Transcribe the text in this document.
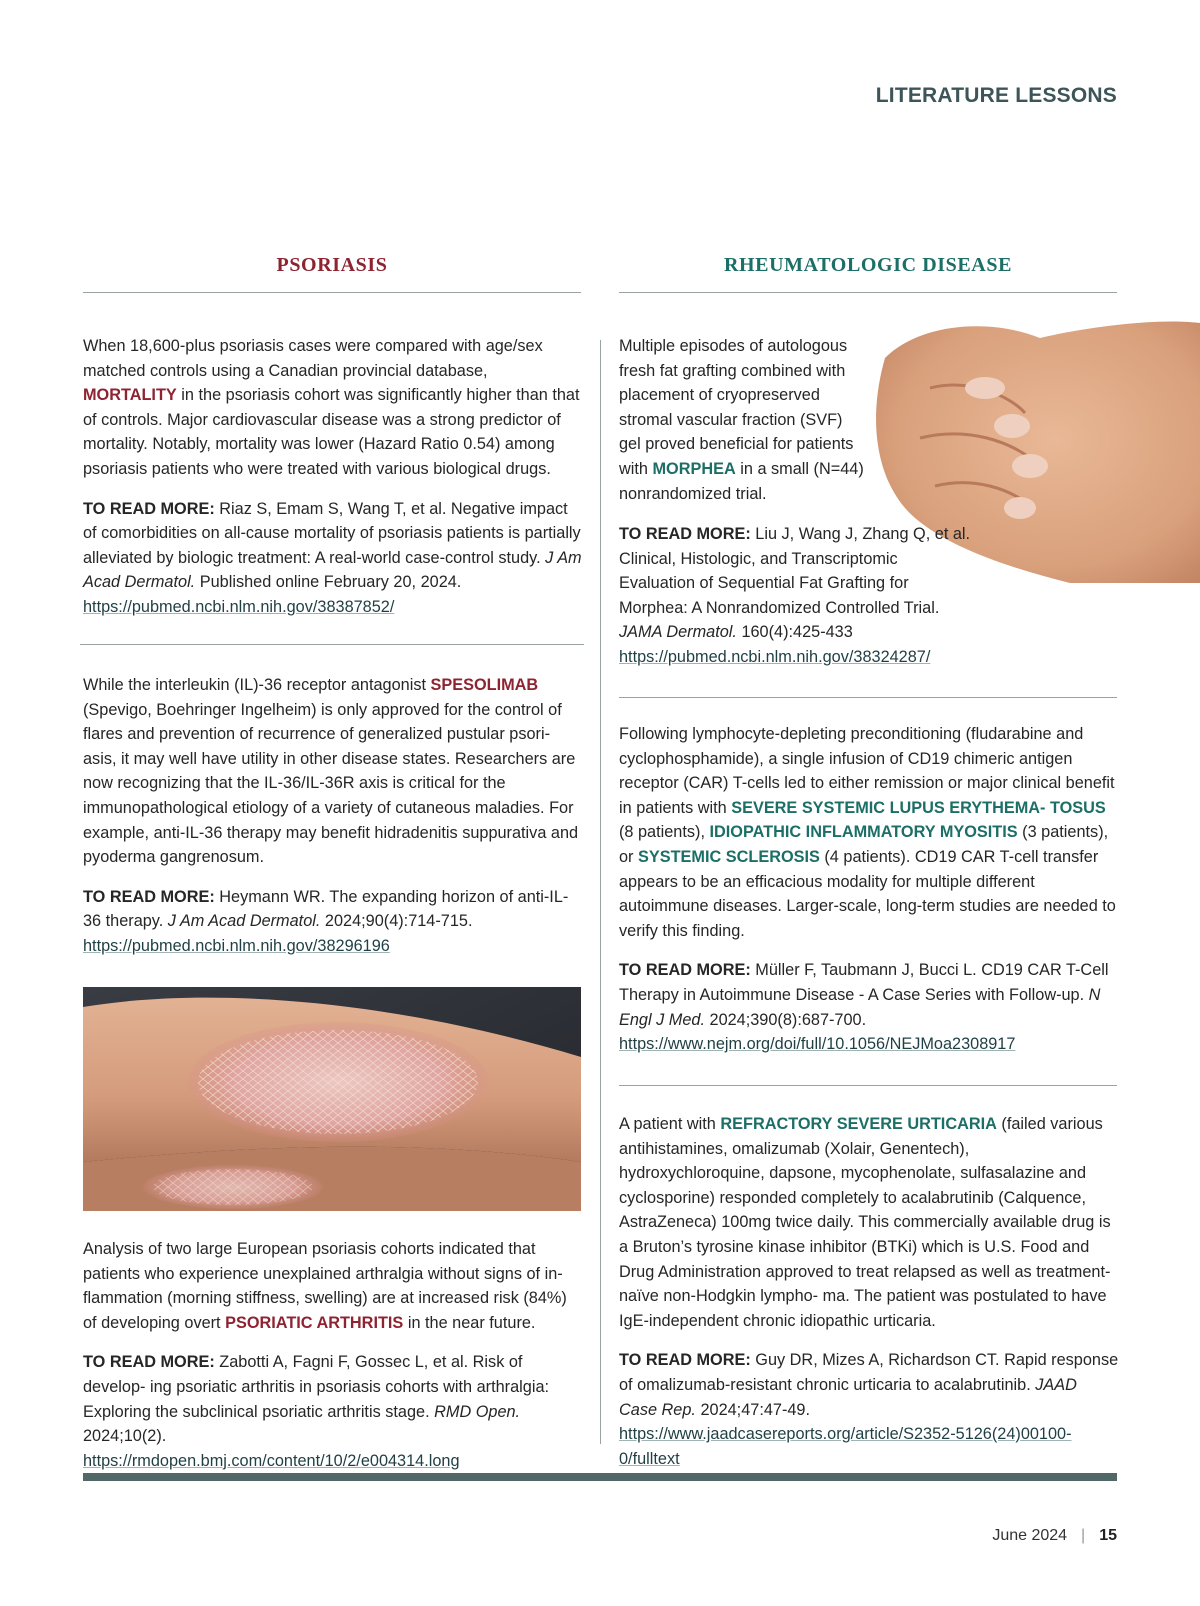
LITERATURE LESSONS
PSORIASIS	RHEUMATOLOGIC DISEASE

When 18,600-plus psoriasis cases were compared with age/sex matched controls using a Canadian provincial database, MORTALITY in the psoriasis cohort was significantly higher than that of controls. Major cardiovascular disease was a strong predictor of mortality. Notably, mortality was lower (Hazard Ratio 0.54) among psoriasis patients who were treated with various biological drugs.

TO READ MORE: Riaz S, Emam S, Wang T, et al. Negative impact of comorbidities on all-cause mortality of psoriasis patients is partially alleviated by biologic treatment: A real-world case-control study. J Am Acad Dermatol. Published online February 20, 2024.
https://pubmed.ncbi.nlm.nih.gov/38387852/

While the interleukin (IL)-36 receptor antagonist SPESOLIMAB (Spevigo, Boehringer Ingelheim) is only approved for the control of flares and prevention of recurrence of generalized pustular psori- asis, it may well have utility in other disease states. Researchers are now recognizing that the IL-36/IL-36R axis is critical for the immunopathological etiology of a variety of cutaneous maladies. For example, anti-IL-36 therapy may benefit hidradenitis suppurativa and pyoderma gangrenosum.

TO READ MORE: Heymann WR. The expanding horizon of anti-IL-36 therapy. J Am Acad Dermatol. 2024;90(4):714-715.
https://pubmed.ncbi.nlm.nih.gov/38296196

Analysis of two large European psoriasis cohorts indicated that patients who experience unexplained arthralgia without signs of in- flammation (morning stiffness, swelling) are at increased risk (84%) of developing overt PSORIATIC ARTHRITIS in the near future.

TO READ MORE: Zabotti A, Fagni F, Gossec L, et al. Risk of develop- ing psoriatic arthritis in psoriasis cohorts with arthralgia: Exploring the subclinical psoriatic arthritis stage. RMD Open. 2024;10(2).
https://rmdopen.bmj.com/content/10/2/e004314.long

Multiple episodes of autologous fresh fat grafting combined with placement of cryopreserved stromal vascular fraction (SVF) gel proved beneficial for patients with MORPHEA in a small (N=44) nonrandomized trial.

TO READ MORE: Liu J, Wang J, Zhang Q, et al. Clinical, Histologic, and Transcriptomic Evaluation of Sequential Fat Grafting for Morphea: A Nonrandomized Controlled Trial. JAMA Dermatol. 160(4):425-433
https://pubmed.ncbi.nlm.nih.gov/38324287/

Following lymphocyte-depleting preconditioning (fludarabine and cyclophosphamide), a single infusion of CD19 chimeric antigen receptor (CAR) T-cells led to either remission or major clinical benefit in patients with SEVERE SYSTEMIC LUPUS ERYTHEMA- TOSUS (8 patients), IDIOPATHIC INFLAMMATORY MYOSITIS (3 patients), or SYSTEMIC SCLEROSIS (4 patients). CD19 CAR T-cell transfer appears to be an efficacious modality for multiple different autoimmune diseases. Larger-scale, long-term studies are needed to verify this finding.

TO READ MORE: Müller F, Taubmann J, Bucci L. CD19 CAR T-Cell Therapy in Autoimmune Disease - A Case Series with Follow-up. N Engl J Med. 2024;390(8):687-700.
https://www.nejm.org/doi/full/10.1056/NEJMoa2308917

A patient with REFRACTORY SEVERE URTICARIA (failed various antihistamines, omalizumab (Xolair, Genentech), hydroxychloroquine, dapsone, mycophenolate, sulfasalazine and cyclosporine) responded completely to acalabrutinib (Calquence, AstraZeneca) 100mg twice daily. This commercially available drug is a Bruton’s tyrosine kinase inhibitor (BTKi) which is U.S. Food and Drug Administration approved to treat relapsed as well as treatment-naïve non-Hodgkin lympho- ma. The patient was postulated to have IgE-independent chronic idiopathic urticaria.

TO READ MORE: Guy DR, Mizes A, Richardson CT. Rapid response of omalizumab-resistant chronic urticaria to acalabrutinib. JAAD Case Rep. 2024;47:47-49. https://www.jaadcasereports.org/article/S2352-5126(24)00100-0/fulltext

June 2024 | 15
